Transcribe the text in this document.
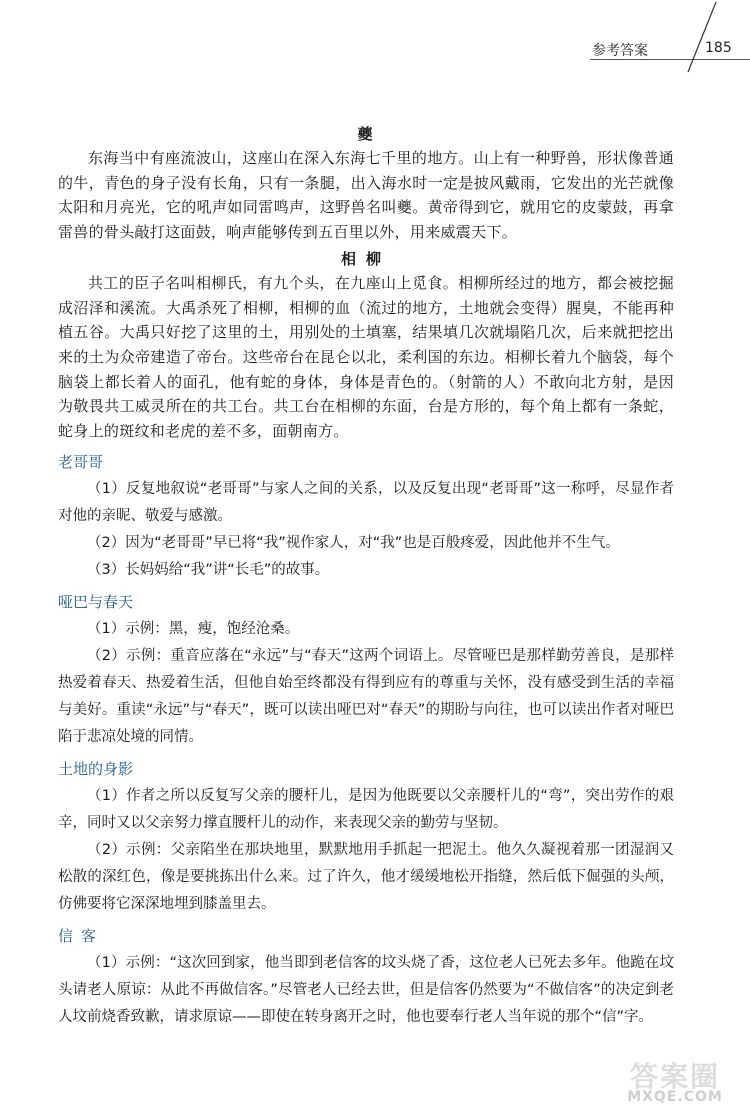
参考答案	185
夔

东海当中有座流波山，这座山在深入东海七千里的地方。山上有一种野兽，形状像普通的牛，青色的身子没有长角，只有一条腿，出入海水时一定是披风戴雨，它发出的光芒就像太阳和月亮光，它的吼声如同雷鸣声，这野兽名叫夔。黄帝得到它，就用它的皮蒙鼓，再拿雷兽的骨头敲打这面鼓，响声能够传到五百里以外，用来威震天下。

相柳

共工的臣子名叫相柳氏，有九个头，在九座山上觅食。相柳所经过的地方，都会被挖掘成沼泽和溪流。大禹杀死了相柳，相柳的血（流过的地方，土地就会变得）腥臭，不能再种植五谷。大禹只好挖了这里的土，用别处的土填塞，结果填几次就塌陷几次，后来就把挖出来的土为众帝建造了帝台。这些帝台在昆仑以北，柔利国的东边。相柳长着九个脑袋，每个脑袋上都长着人的面孔，他有蛇的身体，身体是青色的。（射箭的人）不敢向北方射，是因为敬畏共工威灵所在的共工台。共工台在相柳的东面，台是方形的，每个角上都有一条蛇，蛇身上的斑纹和老虎的差不多，面朝南方。

老哥哥

（1）反复地叙说“老哥哥”与家人之间的关系，以及反复出现“老哥哥”这一称呼，尽显作者对他的亲昵、敬爱与感激。

（2）因为“老哥哥”早已将“我”视作家人，对“我”也是百般疼爱，因此他并不生气。

（3）长妈妈给“我”讲“长毛”的故事。

哑巴与春天

（1）示例：黑，瘦，饱经沧桑。

（2）示例：重音应落在“永远”与“春天”这两个词语上。尽管哑巴是那样勤劳善良，是那样热爱着春天、热爱着生活，但他自始至终都没有得到应有的尊重与关怀，没有感受到生活的幸福与美好。重读“永远”与“春天”，既可以读出哑巴对“春天”的期盼与向往，也可以读出作者对哑巴陷于悲凉处境的同情。

土地的身影

（1）作者之所以反复写父亲的腰杆儿，是因为他既要以父亲腰杆儿的“弯”，突出劳作的艰辛，同时又以父亲努力撑直腰杆儿的动作，来表现父亲的勤劳与坚韧。

（2）示例：父亲陷坐在那块地里，默默地用手抓起一把泥土。他久久凝视着那一团湿润又松散的深红色，像是要挑拣出什么来。过了许久，他才缓缓地松开指缝，然后低下倔强的头颅，仿佛要将它深深地埋到膝盖里去。

信客

（1）示例：“这次回到家，他当即到老信客的坟头烧了香，这位老人已死去多年。他跪在坟头请老人原谅：从此不再做信客。”尽管老人已经去世，但是信客仍然要为“不做信客”的决定到老人坟前烧香致歉，请求原谅——即使在转身离开之时，他也要奉行老人当年说的那个“信”字。

答案圈
MXQE.COM
